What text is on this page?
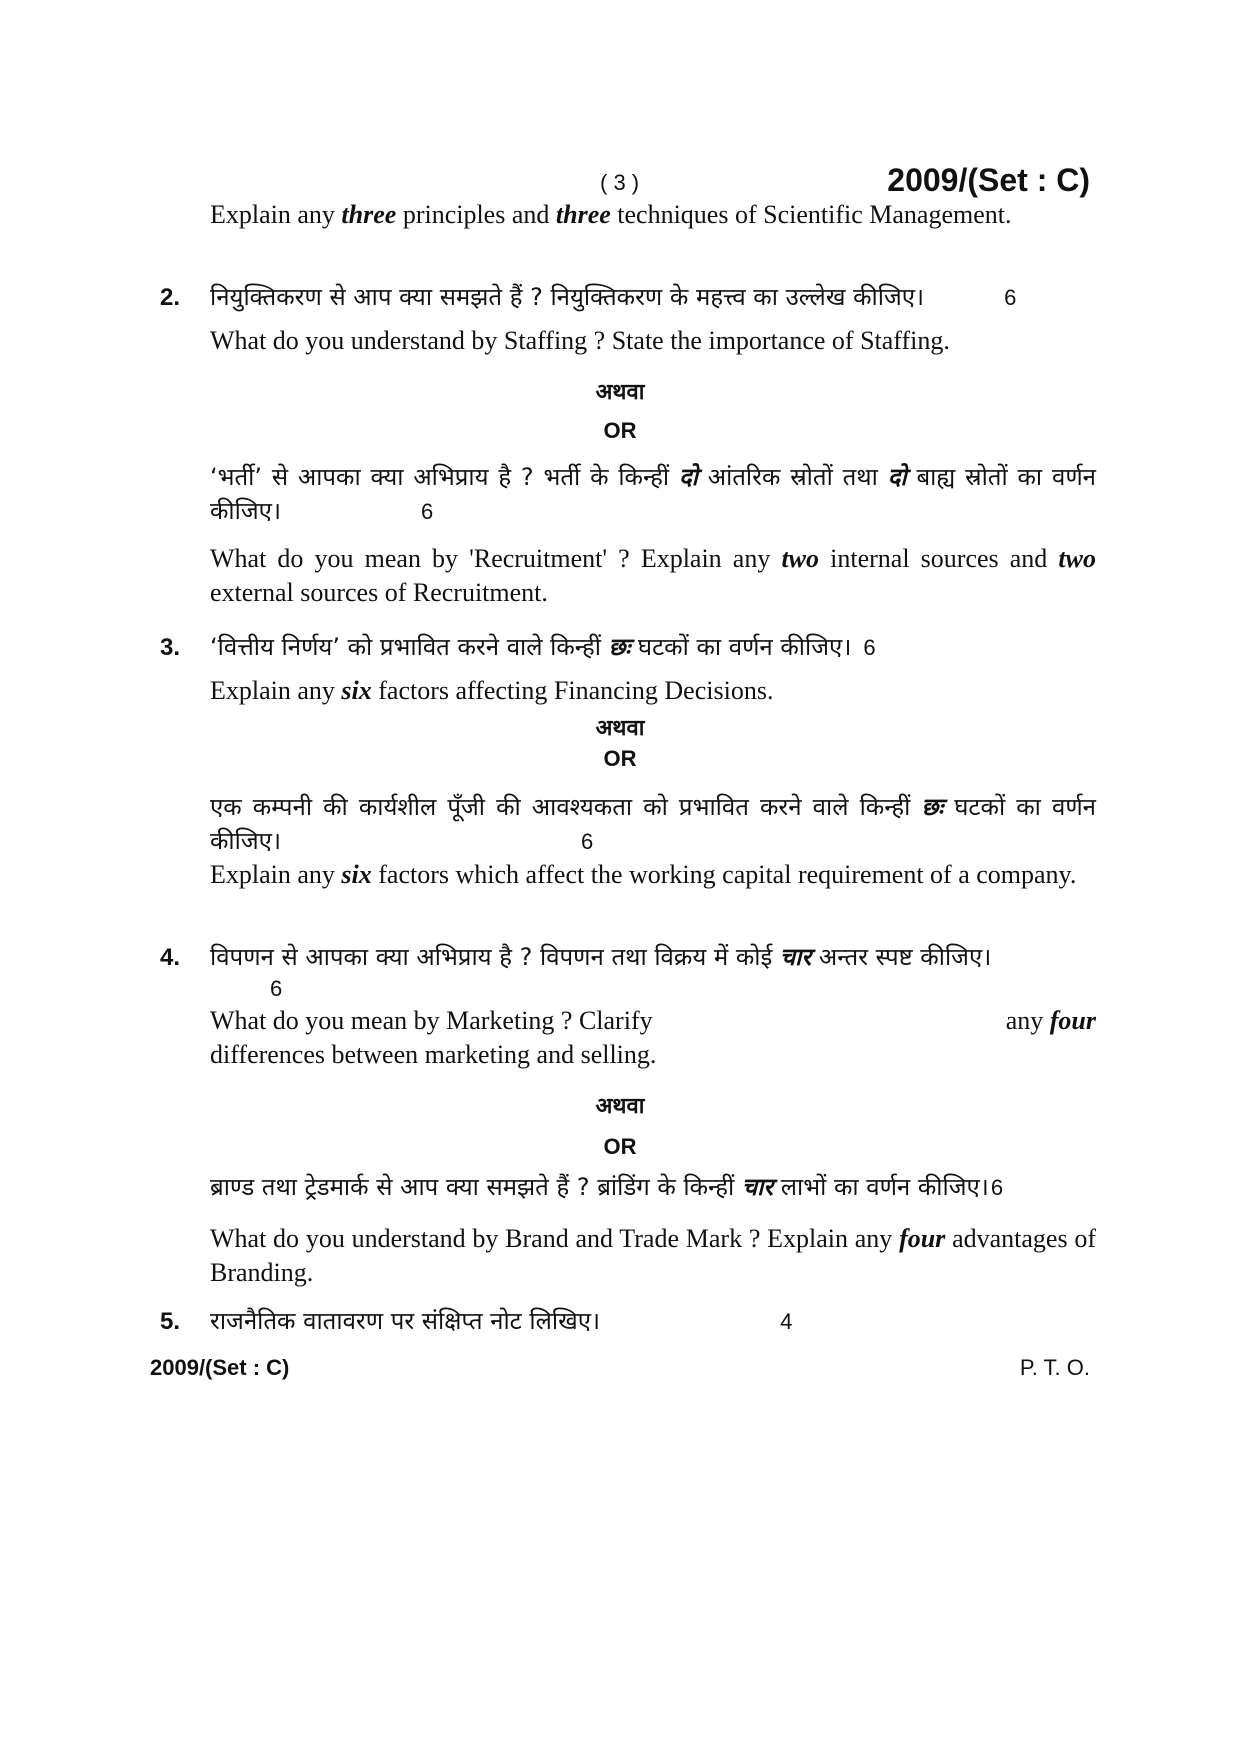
( 3 )	2009/(Set : C)
Explain any three principles and three techniques of Scientific Management.
2. नियुक्तिकरण से आप क्या समझते हैं ? नियुक्तिकरण के महत्त्व का उल्लेख कीजिए।	6
What do you understand by Staffing ? State the importance of Staffing.
अथवा
OR
‘भर्ती’ से आपका क्या अभिप्राय है ? भर्ती के किन्हीं दो आंतरिक स्रोतों तथा दो बाह्य स्रोतों का वर्णन कीजिए।	6
What do you mean by 'Recruitment' ? Explain any two internal sources and two external sources of Recruitment.
3. ‘वित्तीय निर्णय’ को प्रभावित करने वाले किन्हीं छः घटकों का वर्णन कीजिए। 6
Explain any six factors affecting Financing Decisions.
अथवा
OR
एक कम्पनी की कार्यशील पूँजी की आवश्यकता को प्रभावित करने वाले किन्हीं छः घटकों का वर्णन कीजिए।	6
Explain any six factors which affect the working capital requirement of a company.
4. विपणन से आपका क्या अभिप्राय है ? विपणन तथा विक्रय में कोई चार अन्तर स्पष्ट कीजिए।
6
What do you mean by Marketing ? Clarify	any four
differences between marketing and selling.
अथवा
OR
ब्राण्ड तथा ट्रेडमार्क से आप क्या समझते हैं ? ब्रांडिंग के किन्हीं चार लाभों का वर्णन कीजिए।6
What do you understand by Brand and Trade Mark ? Explain any four advantages of Branding.
5. राजनैतिक वातावरण पर संक्षिप्त नोट लिखिए।	4
2009/(Set : C)	P. T. O.
